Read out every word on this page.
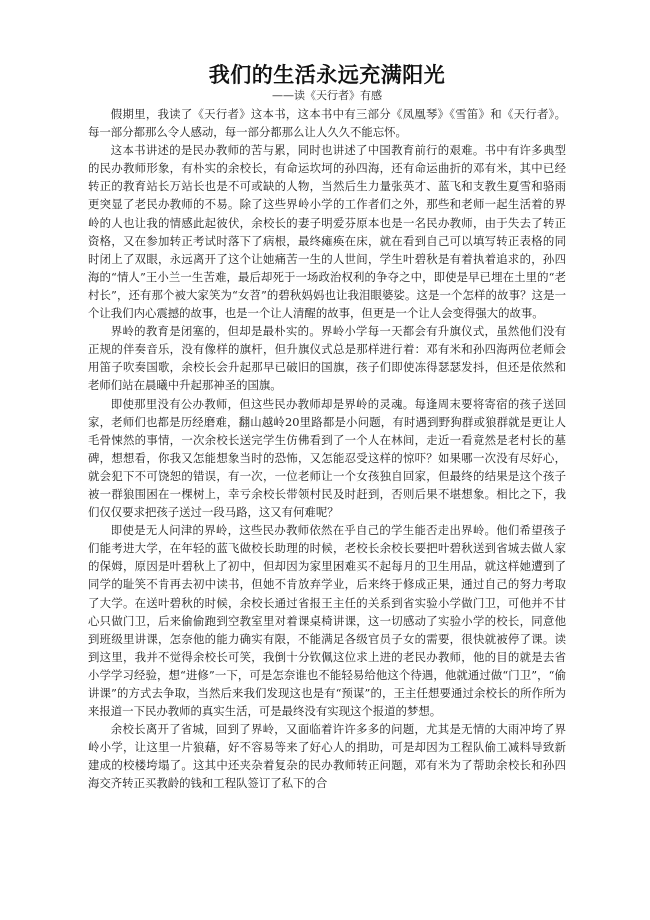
我们的生活永远充满阳光
——读《天行者》有感

假期里，我读了《天行者》这本书，这本书中有三部分《凤凰琴》《雪笛》和《天行者》。每一部分都那么令人感动，每一部分都那么让人久久不能忘怀。

这本书讲述的是民办教师的苦与累，同时也讲述了中国教育前行的艰难。书中有许多典型的民办教师形象，有朴实的余校长，有命运坎坷的孙四海，还有命运曲折的邓有米，其中已经转正的教育站长万站长也是不可或缺的人物，当然后生力量张英才、蓝飞和支教生夏雪和骆雨更突显了老民办教师的不易。除了这些界岭小学的工作者们之外，那些和老师一起生活着的界岭的人也让我的情感此起彼伏，余校长的妻子明爱芬原本也是一名民办教师，由于失去了转正资格，又在参加转正考试时落下了病根，最终瘫痪在床，就在看到自己可以填写转正表格的同时闭上了双眼，永远离开了这个让她痛苦一生的人世间，学生叶碧秋是有着执着追求的，孙四海的“情人”王小兰一生苦难，最后却死于一场政治权利的争夺之中，即使是早已埋在土里的“老村长”，还有那个被大家笑为“女苕”的碧秋妈妈也让我泪眼婆娑。这是一个怎样的故事？这是一个让我们内心震撼的故事，也是一个让人清醒的故事，但更是一个让人会变得强大的故事。

界岭的教育是闭塞的，但却是最朴实的。界岭小学每一天都会有升旗仪式，虽然他们没有正规的伴奏音乐，没有像样的旗杆，但升旗仪式总是那样进行着：邓有米和孙四海两位老师会用笛子吹奏国歌，余校长会升起那早已破旧的国旗，孩子们即使冻得瑟瑟发抖，但还是依然和老师们站在晨曦中升起那神圣的国旗。

即使那里没有公办教师，但这些民办教师却是界岭的灵魂。每逢周末要将寄宿的孩子送回家，老师们也都是历经磨难，翻山越岭20里路都是小问题，有时遇到野狗群或狼群就是更让人毛骨悚然的事情，一次余校长送完学生仿佛看到了一个人在林间，走近一看竟然是老村长的墓碑，想想看，你我又怎能想象当时的恐怖，又怎能忍受这样的惊吓？如果哪一次没有尽好心，就会犯下不可饶恕的错误，有一次，一位老师让一个女孩独自回家，但最终的结果是这个孩子被一群狼围困在一棵树上，幸亏余校长带领村民及时赶到，否则后果不堪想象。相比之下，我们仅仅要求把孩子送过一段马路，这又有何难呢？

即使是无人问津的界岭，这些民办教师依然在乎自己的学生能否走出界岭。他们希望孩子们能考进大学，在年轻的蓝飞做校长助理的时候，老校长余校长要把叶碧秋送到省城去做人家的保姆，原因是叶碧秋上了初中，但却因为家里困难买不起每月的卫生用品，就这样她遭到了同学的耻笑不肯再去初中读书，但她不肯放弃学业，后来终于修成正果，通过自己的努力考取了大学。在送叶碧秋的时候，余校长通过省报王主任的关系到省实验小学做门卫，可他并不甘心只做门卫，后来偷偷跑到空教室里对着课桌椅讲课，这一切感动了实验小学的校长，同意他到班级里讲课，怎奈他的能力确实有限，不能满足各级官员子女的需要，很快就被停了课。读到这里，我并不觉得余校长可笑，我倒十分钦佩这位求上进的老民办教师，他的目的就是去省小学学习经验，想“进修”一下，可是怎奈谁也不能轻易给他这个待遇，他就通过做“门卫”，“偷讲课”的方式去争取，当然后来我们发现这也是有“预谋”的，王主任想要通过余校长的所作所为来报道一下民办教师的真实生活，可是最终没有实现这个报道的梦想。

余校长离开了省城，回到了界岭，又面临着许许多多的问题，尤其是无情的大雨冲垮了界岭小学，让这里一片狼藉，好不容易等来了好心人的捐助，可是却因为工程队偷工减料导致新建成的校楼垮塌了。这其中还夹杂着复杂的民办教师转正问题，邓有米为了帮助余校长和孙四海交齐转正买教龄的钱和工程队签订了私下的合
